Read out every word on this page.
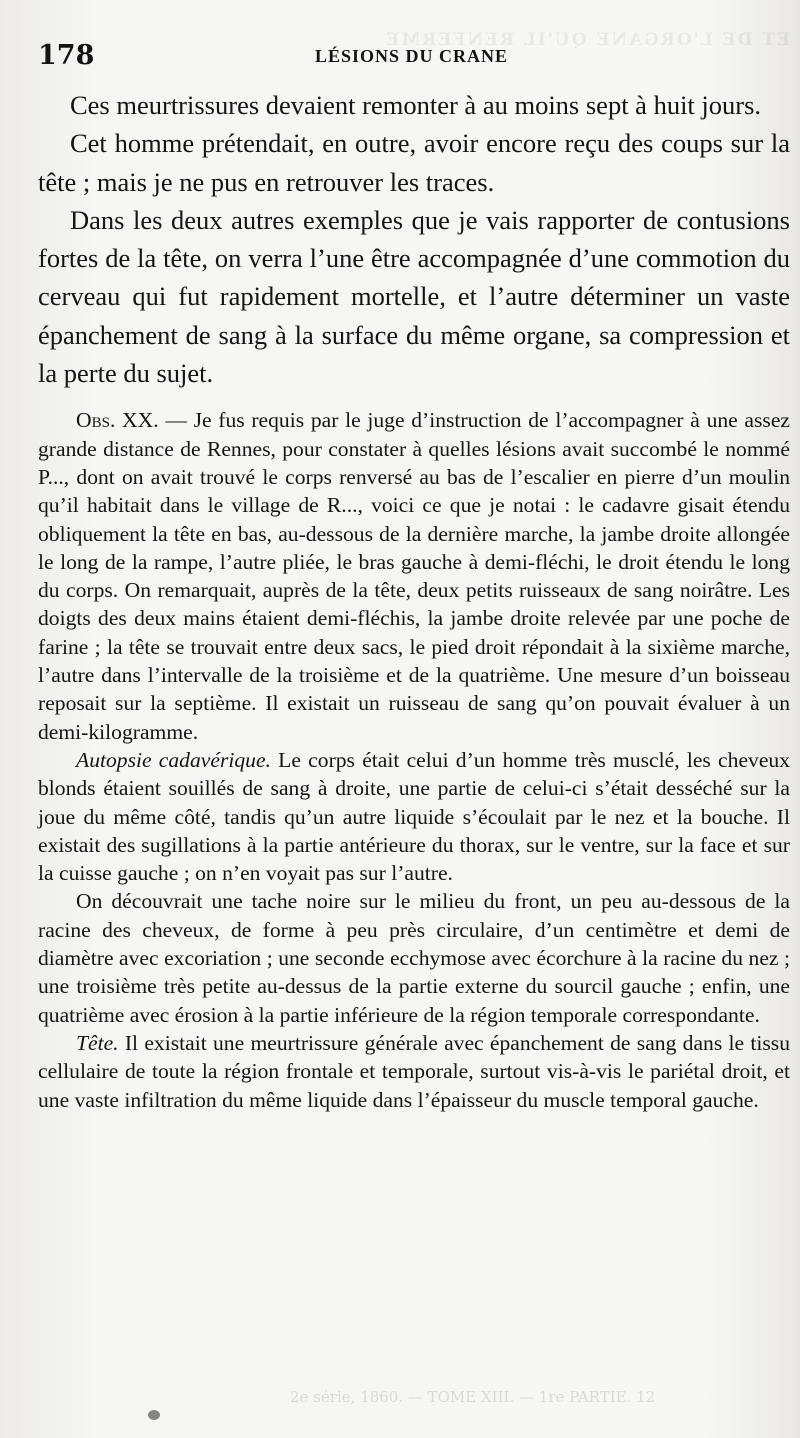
ET DE L'ORGANE QU'IL RENFERME
178	LÉSIONS DU CRANE

Ces meurtrissures devaient remonter à au moins sept à huit jours.

Cet homme prétendait, en outre, avoir encore reçu des coups sur la tête ; mais je ne pus en retrouver les traces.

Dans les deux autres exemples que je vais rapporter de contusions fortes de la tête, on verra l’une être accompagnée d’une commotion du cerveau qui fut rapidement mortelle, et l’autre déterminer un vaste épanchement de sang à la surface du même organe, sa compression et la perte du sujet.

Obs. XX. — Je fus requis par le juge d’instruction de l’accompagner à une assez grande distance de Rennes, pour constater à quelles lésions avait succombé le nommé P..., dont on avait trouvé le corps renversé au bas de l’escalier en pierre d’un moulin qu’il habitait dans le village de R..., voici ce que je notai : le cadavre gisait étendu obliquement la tête en bas, au-dessous de la dernière marche, la jambe droite allongée le long de la rampe, l’autre pliée, le bras gauche à demi-fléchi, le droit étendu le long du corps. On remarquait, auprès de la tête, deux petits ruisseaux de sang noirâtre. Les doigts des deux mains étaient demi-fléchis, la jambe droite relevée par une poche de farine ; la tête se trouvait entre deux sacs, le pied droit répondait à la sixième marche, l’autre dans l’intervalle de la troisième et de la quatrième. Une mesure d’un boisseau reposait sur la septième. Il existait un ruisseau de sang qu’on pouvait évaluer à un demi-kilogramme.

Autopsie cadavérique. Le corps était celui d’un homme très musclé, les cheveux blonds étaient souillés de sang à droite, une partie de celui-ci s’était desséché sur la joue du même côté, tandis qu’un autre liquide s’écoulait par le nez et la bouche. Il existait des sugillations à la partie antérieure du thorax, sur le ventre, sur la face et sur la cuisse gauche ; on n’en voyait pas sur l’autre.

On découvrait une tache noire sur le milieu du front, un peu au-dessous de la racine des cheveux, de forme à peu près circulaire, d’un centimètre et demi de diamètre avec excoriation ; une seconde ecchymose avec écorchure à la racine du nez ; une troisième très petite au-dessus de la partie externe du sourcil gauche ; enfin, une quatrième avec érosion à la partie inférieure de la région temporale correspondante.

Tête. Il existait une meurtrissure générale avec épanchement de sang dans le tissu cellulaire de toute la région frontale et temporale, surtout vis-à-vis le pariétal droit, et une vaste infiltration du même liquide dans l’épaisseur du muscle temporal gauche.

2e série, 1860. — TOME XIII. — 1re PARTIE. 12
